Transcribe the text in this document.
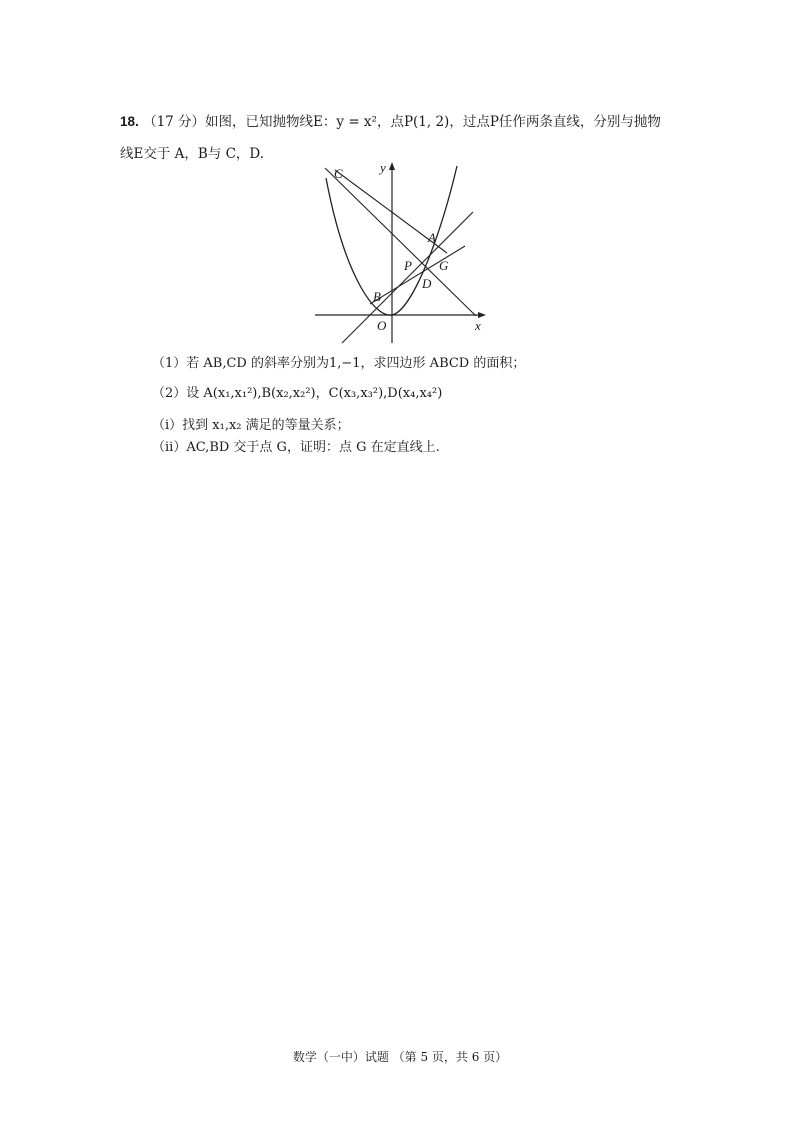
18. （17 分）如图，已知抛物线E：y = x²，点P(1, 2)，过点P任作两条直线，分别与抛物
线E交于 A，B与 C，D.
C	y
A
P G
D
B
O	x
（1）若 AB,CD 的斜率分别为1,−1，求四边形 ABCD 的面积；
（2）设 A(x₁,x₁²),B(x₂,x₂²)，C(x₃,x₃²),D(x₄,x₄²)
（i）找到 x₁,x₂ 满足的等量关系；
（ii）AC,BD 交于点 G，证明：点 G 在定直线上.
数学（一中）试题 （第 5 页，共 6 页）
